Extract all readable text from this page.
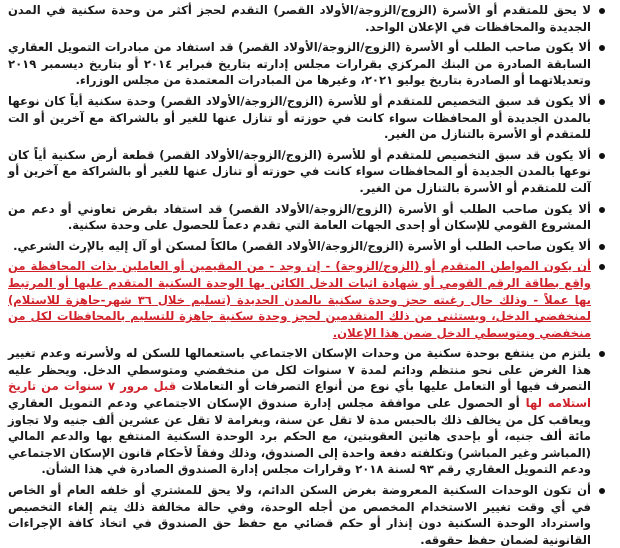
لا يحق للمتقدم أو الأسرة (الزوج/الزوجة/الأولاد القصر) التقدم لحجز أكثر من وحدة سكنية في المدن الجديدة والمحافظات في الإعلان الواحد.
ألا يكون صاحب الطلب أو الأسرة (الزوج/الزوجة/الأولاد القصر) قد استفاد من مبادرات التمويل العقاري السابقة الصادرة من البنك المركزي بقرارات مجلس إدارته بتاريخ فبراير ٢٠١٤ أو بتاريخ ديسمبر ٢٠١٩ وتعديلاتهما أو الصادرة بتاريخ يوليو ٢٠٢١، وغيرها من المبادرات المعتمدة من مجلس الوزراء.
ألا يكون قد سبق التخصيص للمتقدم أو للأسرة (الزوج/الزوجة/الأولاد القصر) وحدة سكنية أياً كان نوعها بالمدن الجديدة أو المحافظات سواء كانت في حوزته أو تنازل عنها للغير أو بالشراكة مع آخرين أو الت للمتقدم أو الأسرة بالتنازل من الغير.
ألا يكون قد سبق التخصيص للمتقدم أو للأسرة (الزوج/الزوجة/الأولاد القصر) قطعة أرض سكنية أياً كان نوعها بالمدن الجديدة أو المحافظات سواء كانت في حوزته أو تنازل عنها للغير أو بالشراكة مع آخرين أو آلت للمتقدم أو الأسرة بالتنازل من الغير.
ألا يكون صاحب الطلب أو الأسرة (الزوج/الزوجة/الأولاد القصر) قد استفاد بقرض تعاوني أو دعم من المشروع القومي للإسكان أو إحدى الجهات العامة التي تقدم دعماً للحصول على وحدة سكنية.
ألا يكون صاحب الطلب أو الأسرة (الزوج/الزوجة/الأولاد القصر) مالكاً لمسكن أو آل إليه بالإرث الشرعي.
أن يكون المواطن المتقدم أو (الزوج/الزوجة) - إن وجد - من المقيمين أو العاملين بذات المحافظة من واقع بطاقة الرقم القومي أو شهادة اثبات الدخل الكائن بها الوحدة السكنية المتقدم عليها أو المرتبط بها عملاً - وذلك حال رغبته حجز وحدة سكنية بالمدن الجديدة (تسليم خلال ٣٦ شهر-جاهزة للاستلام) لمنخفضي الدخل، ويستثنى من ذلك المتقدمين لحجز وحدة سكنية جاهزة للتسليم بالمحافظات لكل من منخفضي ومتوسطي الدخل ضمن هذا الإعلان.
يلتزم من ينتفع بوحدة سكنية من وحدات الإسكان الاجتماعي باستعمالها للسكن له ولأسرته وعدم تغيير هذا الغرض على نحو منتظم ودائم لمدة ٧ سنوات لكل من منخفضي ومتوسطي الدخل. ويحظر عليه التصرف فيها أو التعامل عليها بأي نوع من أنواع التصرفات أو التعاملات قبل مرور ٧ سنوات من تاريخ استلامه لها أو الحصول على موافقة مجلس إدارة صندوق الإسكان الاجتماعي ودعم التمويل العقاري ويعاقب كل من يخالف ذلك بالحبس مدة لا تقل عن سنة، وبغرامة لا تقل عن عشرين ألف جنيه ولا تجاوز مائة ألف جنيه، أو بإحدى هاتين العقوبتين، مع الحكم برد الوحدة السكنية المنتفع بها والدعم المالي (المباشر وغير المباشر) وتكلفته دفعة واحدة إلى الصندوق، وذلك وفقاً لأحكام قانون الإسكان الاجتماعي ودعم التمويل العقاري رقم ٩٣ لسنة ٢٠١٨ وقرارات مجلس إدارة الصندوق الصادرة في هذا الشأن.
أن تكون الوحدات السكنية المعروضة بغرض السكن الدائم، ولا يحق للمشتري أو خلفه العام أو الخاص في أي وقت تغيير الاستخدام المخصص من أجله الوحدة، وفي حالة مخالفة ذلك يتم إلغاء التخصيص واسترداد الوحدة السكنية دون إنذار أو حكم قضائي مع حفظ حق الصندوق في اتخاذ كافة الإجراءات القانونية لضمان حفظ حقوقه.
